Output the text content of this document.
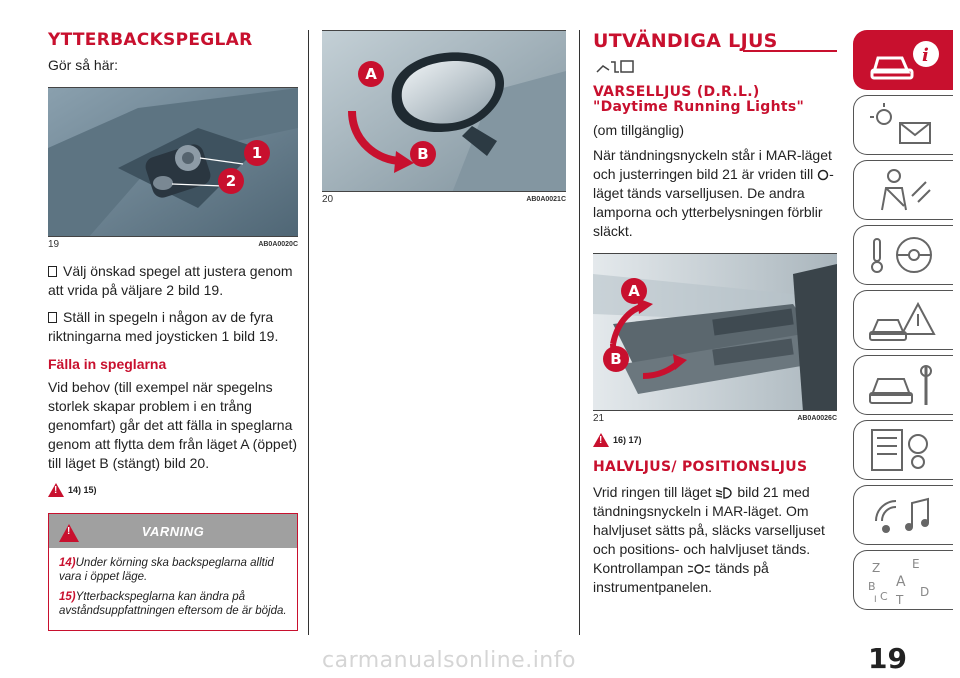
YTTERBACKSPEGLAR

Gör så här:

1
2
19	AB0A0020C

Välj önskad spegel att justera genom att vrida på väljare 2 bild 19.

Ställ in spegeln i någon av de fyra riktningarna med joysticken 1 bild 19.

Fälla in speglarna

Vid behov (till exempel när spegelns storlek skapar problem i en trång genomfart) går det att fälla in speglarna genom att flytta dem från läget A (öppet) till läget B (stängt) bild 20.

!14) 15)
!
VARNING
14)Under körning ska backspeglarna alltid vara i öppet läge.
15)Ytterbackspeglarna kan ändra på avståndsuppfattningen eftersom de är böjda.
A
B
20	AB0A0021C
UTVÄNDIGA LJUS
VARSELLJUS (D.R.L.) "Daytime Running Lights"

(om tillgänglig)

När tändningsnyckeln står i MAR-läget och justerringen bild 21 är vriden till -läget tänds varselljusen. De andra lamporna och ytterbelysningen förblir släckt.

A
B
21	AB0A0026C
!16) 17)
HALVLJUS/ POSITIONSLJUS

Vrid ringen till läget bild 21 med tändningsnyckeln i MAR-läget. Om halvljuset sätts på, släcks varselljuset och positions- och halvljuset tänds. Kontrollampan tänds på instrumentpanelen.

i
Z	E
A
B
C T
D
I
19
carmanualsonline.info
